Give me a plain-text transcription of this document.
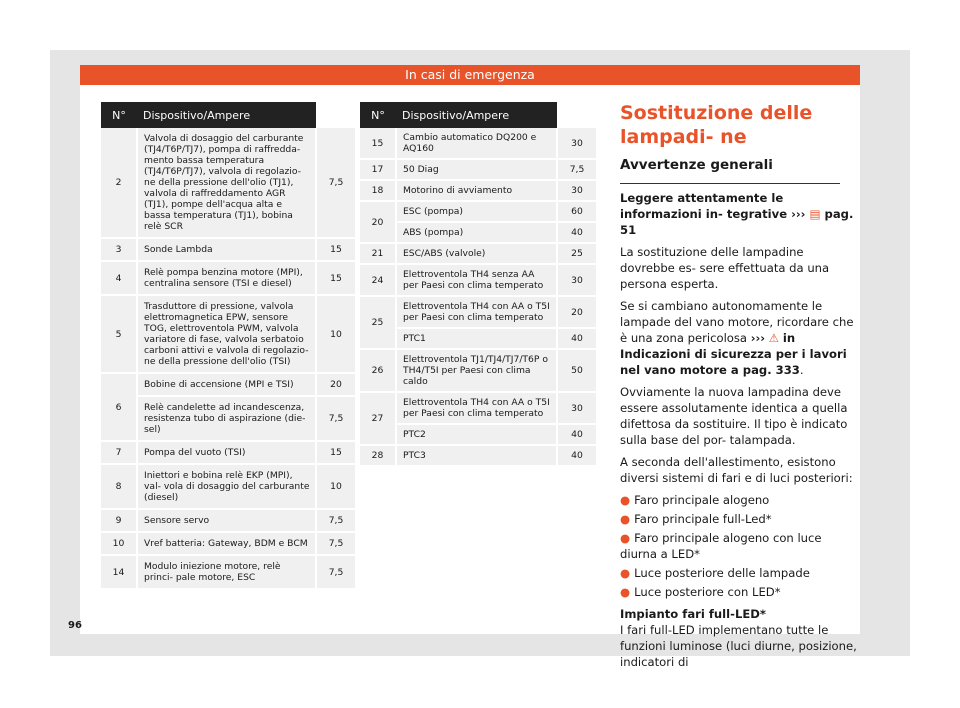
In casi di emergenza
N°	Dispositivo/Ampere	
2	Valvola di dosaggio del carburante (TJ4/T6P/TJ7), pompa di raffredda- mento bassa temperatura (TJ4/T6P/TJ7), valvola di regolazio- ne della pressione dell'olio (TJ1), valvola di raffreddamento AGR (TJ1), pompe dell'acqua alta e bassa temperatura (TJ1), bobina relè SCR	7,5
3	Sonde Lambda	15
4	Relè pompa benzina motore (MPI), centralina sensore (TSI e diesel)	15
5	Trasduttore di pressione, valvola elettromagnetica EPW, sensore TOG, elettroventola PWM, valvola variatore di fase, valvola serbatoio carboni attivi e valvola di regolazio- ne della pressione dell'olio (TSI)	10
6	Bobine di accensione (MPI e TSI)	20
	Relè candelette ad incandescenza, resistenza tubo di aspirazione (die- sel)	7,5
7	Pompa del vuoto (TSI)	15
8	Iniettori e bobina relè EKP (MPI), val- vola di dosaggio del carburante (diesel)	10
9	Sensore servo	7,5
10	Vref batteria: Gateway, BDM e BCM	7,5
14	Modulo iniezione motore, relè princi- pale motore, ESC	7,5
N°	Dispositivo/Ampere	
15	Cambio automatico DQ200 e AQ160	30
17	50 Diag	7,5
18	Motorino di avviamento	30
20	ESC (pompa)	60
	ABS (pompa)	40
21	ESC/ABS (valvole)	25
24	Elettroventola TH4 senza AA per Paesi con clima temperato	30
25	Elettroventola TH4 con AA o T5I per Paesi con clima temperato	20
	PTC1	40
26	Elettroventola TJ1/TJ4/TJ7/T6P o TH4/T5I per Paesi con clima caldo	50
27	Elettroventola TH4 con AA o T5I per Paesi con clima temperato	30
	PTC2	40
28	PTC3	40
Sostituzione delle lampadi- ne
Avvertenze generali

Leggere attentamente le informazioni in- tegrative ››› ▤ pag. 51

La sostituzione delle lampadine dovrebbe es- sere effettuata da una persona esperta.

Se si cambiano autonomamente le lampade del vano motore, ricordare che è una zona pericolosa ››› ⚠ in Indicazioni di sicurezza per i lavori nel vano motore a pag. 333.

Ovviamente la nuova lampadina deve essere assolutamente identica a quella difettosa da sostituire. Il tipo è indicato sulla base del por- talampada.

A seconda dell'allestimento, esistono diversi sistemi di fari e di luci posteriori:

● Faro principale alogeno
● Faro principale full-Led*
● Faro principale alogeno con luce diurna a LED*
● Luce posteriore delle lampade
● Luce posteriore con LED*

Impianto fari full-LED*

I fari full-LED implementano tutte le funzioni luminose (luci diurne, posizione, indicatori di

96
